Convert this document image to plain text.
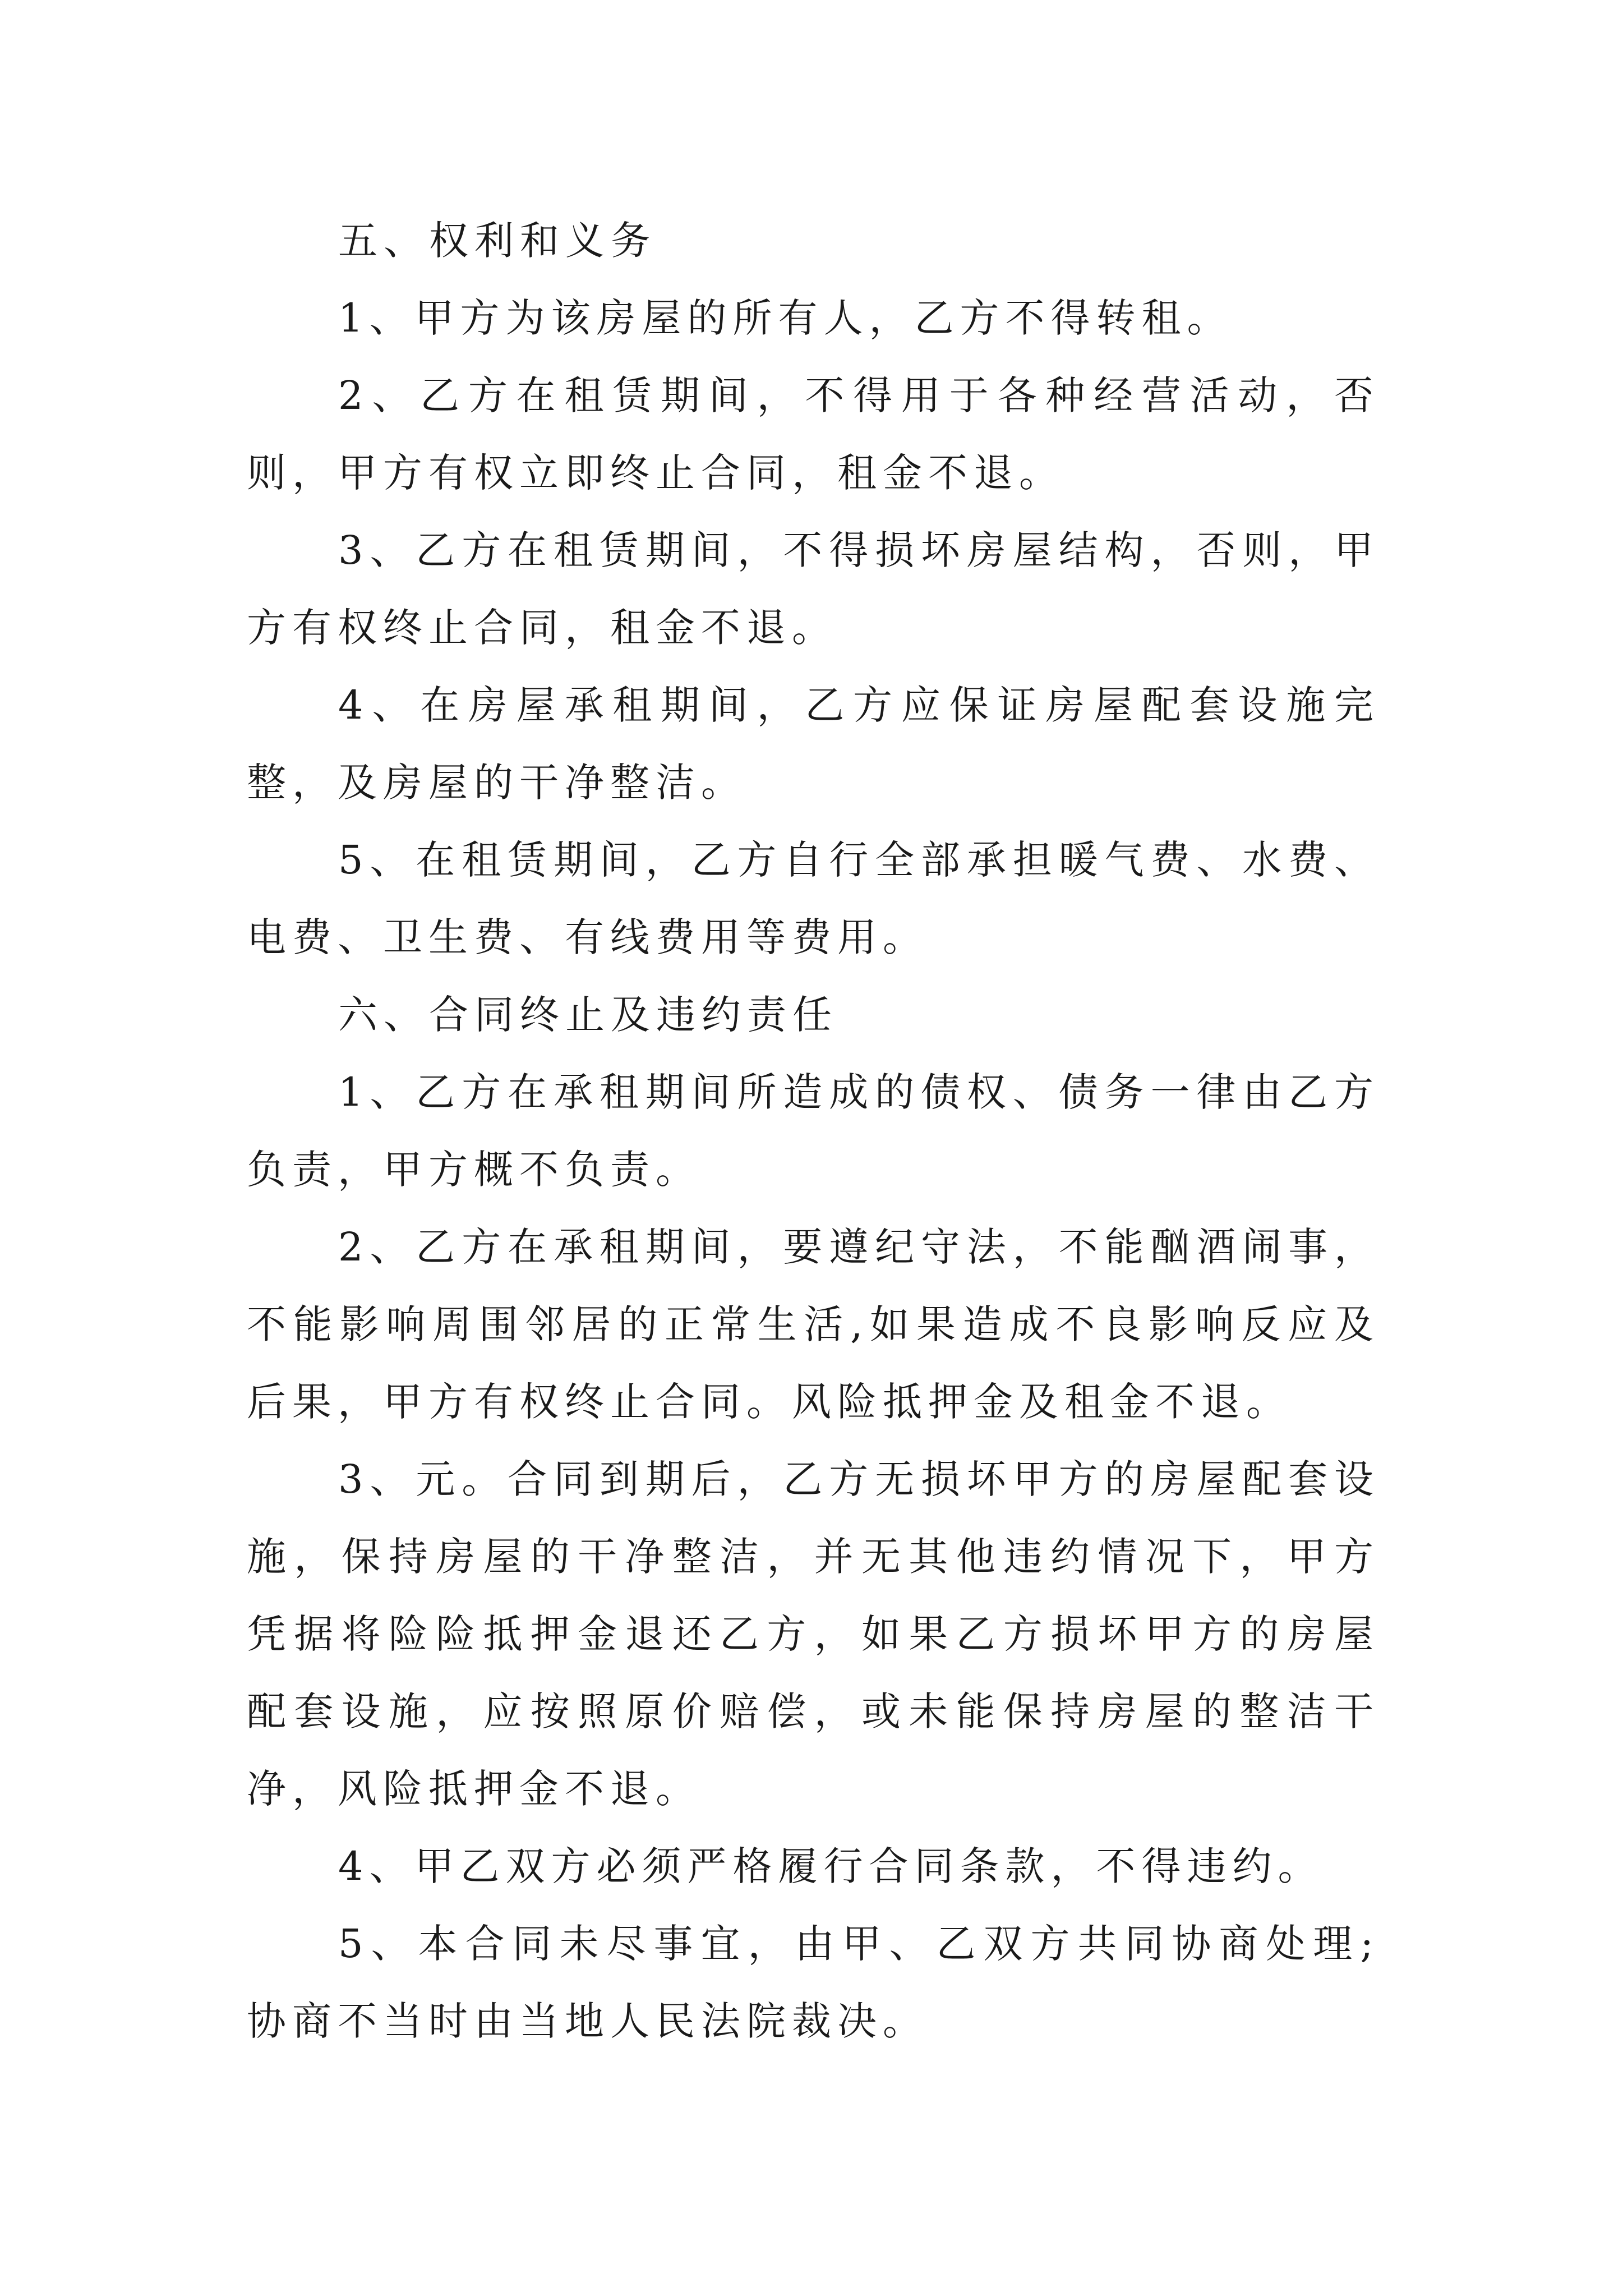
五、权利和义务

1、甲方为该房屋的所有人，乙方不得转租。

2、乙方在租赁期间，不得用于各种经营活动，否则，甲方有权立即终止合同，租金不退。

3、乙方在租赁期间，不得损坏房屋结构，否则，甲方有权终止合同，租金不退。

4、在房屋承租期间，乙方应保证房屋配套设施完整，及房屋的干净整洁。

5、在租赁期间，乙方自行全部承担暖气费、水费、电费、卫生费、有线费用等费用。

六、合同终止及违约责任

1、乙方在承租期间所造成的债权、债务一律由乙方负责，甲方概不负责。

2、乙方在承租期间，要遵纪守法，不能酗酒闹事，不能影响周围邻居的正常生活,如果造成不良影响反应及后果，甲方有权终止合同。风险抵押金及租金不退。

3、元。合同到期后，乙方无损坏甲方的房屋配套设施，保持房屋的干净整洁，并无其他违约情况下，甲方凭据将险险抵押金退还乙方，如果乙方损坏甲方的房屋配套设施，应按照原价赔偿，或未能保持房屋的整洁干净，风险抵押金不退。

4、甲乙双方必须严格履行合同条款，不得违约。

5、本合同未尽事宜，由甲、乙双方共同协商处理;协商不当时由当地人民法院裁决。
